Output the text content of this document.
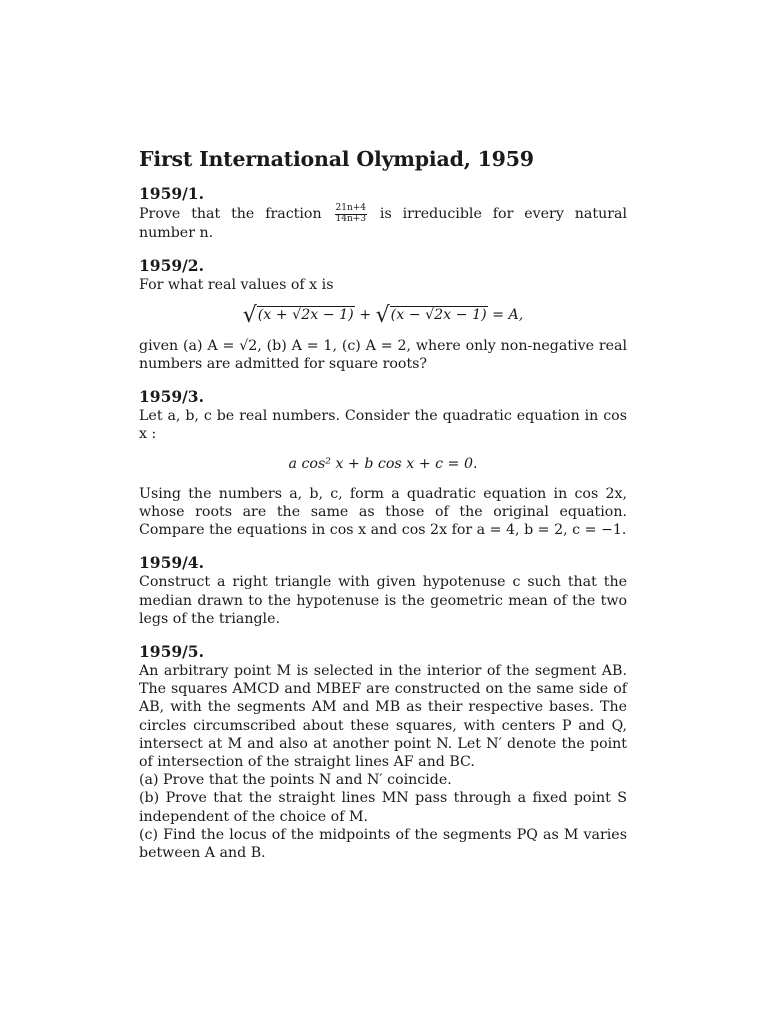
First International Olympiad, 1959
1959/1.

Prove that the fraction $\frac{21n+4}{14n+3}$ is irreducible for every natural number n.

1959/2.

For what real values of x is

√(x + √2x − 1) + √(x − √2x − 1) = A,

given (a) A = √2, (b) A = 1, (c) A = 2, where only non-negative real numbers are admitted for square roots?

1959/3.

Let a, b, c be real numbers. Consider the quadratic equation in cos x :

a cos² x + b cos x + c = 0.

Using the numbers a, b, c, form a quadratic equation in cos 2x, whose roots are the same as those of the original equation. Compare the equations in cos x and cos 2x for a = 4, b = 2, c = −1.

1959/4.

Construct a right triangle with given hypotenuse c such that the median drawn to the hypotenuse is the geometric mean of the two legs of the triangle.

1959/5.

An arbitrary point M is selected in the interior of the segment AB. The squares AMCD and MBEF are constructed on the same side of AB, with the segments AM and MB as their respective bases. The circles circumscribed about these squares, with centers P and Q, intersect at M and also at another point N. Let N′ denote the point of intersection of the straight lines AF and BC.

(a) Prove that the points N and N′ coincide.

(b) Prove that the straight lines MN pass through a fixed point S independent of the choice of M.

(c) Find the locus of the midpoints of the segments PQ as M varies between A and B.
